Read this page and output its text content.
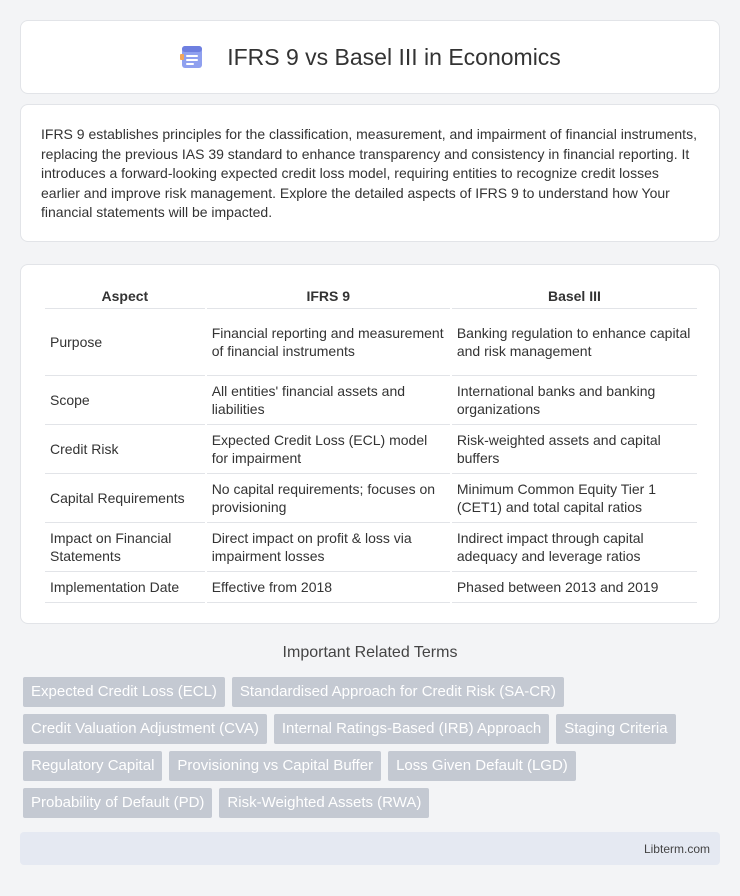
IFRS 9 vs Basel III in Economics

IFRS 9 establishes principles for the classification, measurement, and impairment of financial instruments, replacing the previous IAS 39 standard to enhance transparency and consistency in financial reporting. It introduces a forward-looking expected credit loss model, requiring entities to recognize credit losses earlier and improve risk management. Explore the detailed aspects of IFRS 9 to understand how Your financial statements will be impacted.

Aspect	IFRS 9	Basel III
Purpose	Financial reporting and measurement of financial instruments	Banking regulation to enhance capital and risk management
Scope	All entities' financial assets and liabilities	International banks and banking organizations
Credit Risk	Expected Credit Loss (ECL) model for impairment	Risk-weighted assets and capital buffers
Capital Requirements	No capital requirements; focuses on provisioning	Minimum Common Equity Tier 1 (CET1) and total capital ratios
Impact on Financial Statements	Direct impact on profit & loss via impairment losses	Indirect impact through capital adequacy and leverage ratios
Implementation Date	Effective from 2018	Phased between 2013 and 2019
Important Related Terms
Expected Credit Loss (ECL)	Standardised Approach for Credit Risk (SA-CR)
Credit Valuation Adjustment (CVA)	Internal Ratings-Based (IRB) Approach	Staging Criteria
Regulatory Capital	Provisioning vs Capital Buffer	Loss Given Default (LGD)
Probability of Default (PD)	Risk-Weighted Assets (RWA)
Libterm.com
